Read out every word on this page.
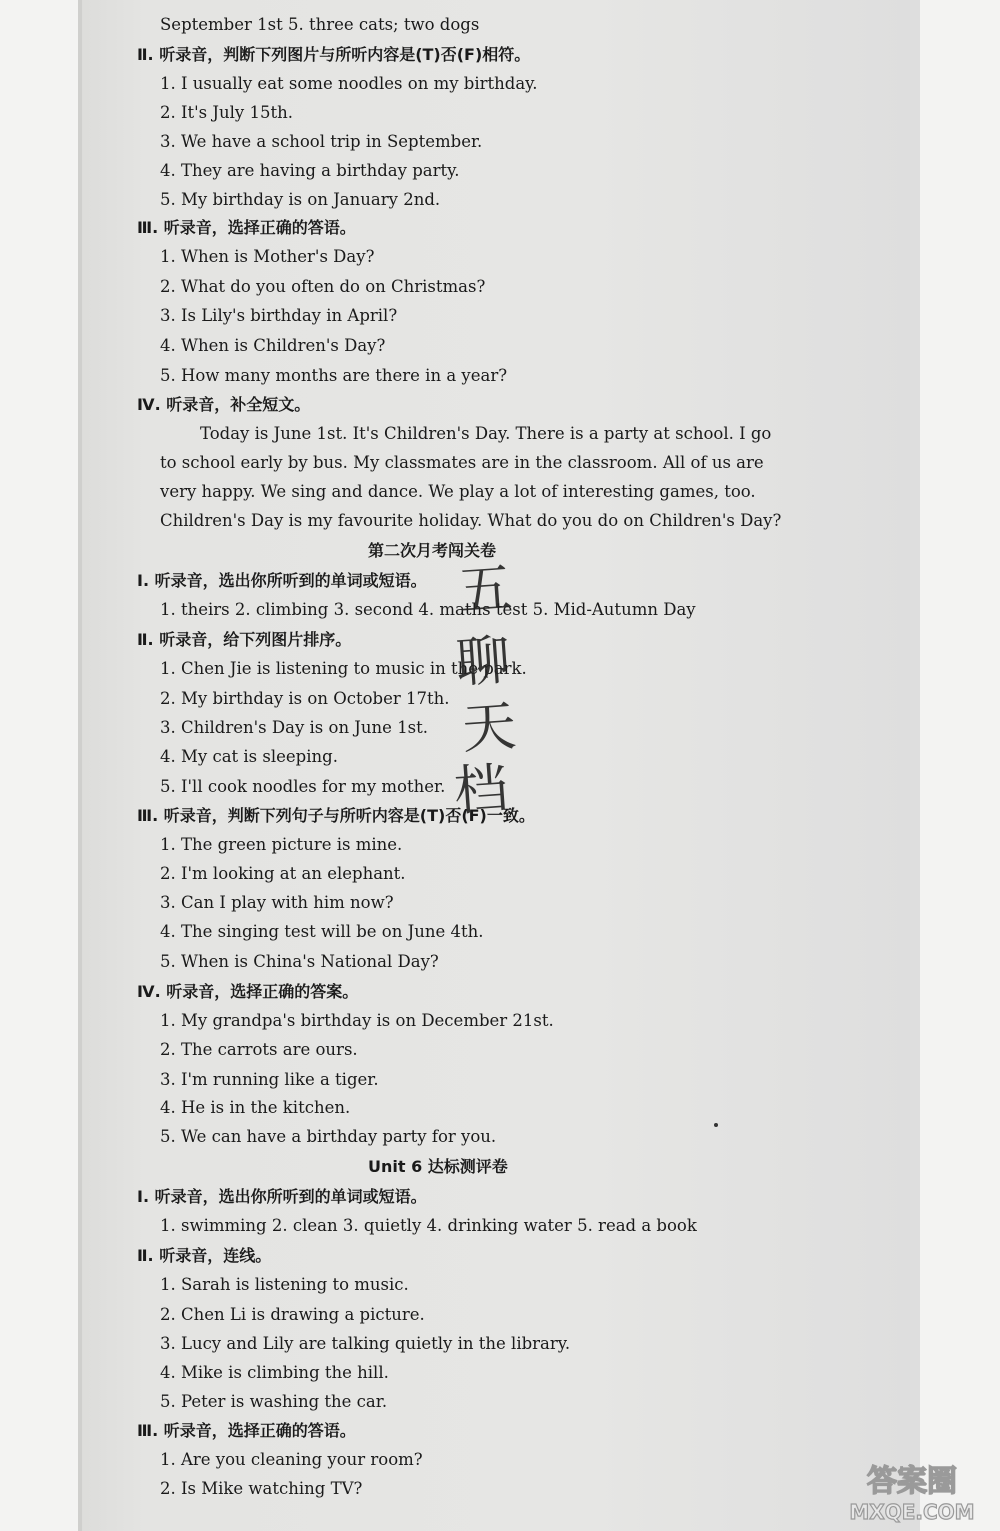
September 1st 5. three cats; two dogs
Ⅱ. 听录音，判断下列图片与所听内容是(T)否(F)相符。
1. I usually eat some noodles on my birthday.
2. It's July 15th.
3. We have a school trip in September.
4. They are having a birthday party.
5. My birthday is on January 2nd.
Ⅲ. 听录音，选择正确的答语。
1. When is Mother's Day?
2. What do you often do on Christmas?
3. Is Lily's birthday in April?
4. When is Children's Day?
5. How many months are there in a year?
Ⅳ. 听录音，补全短文。
Today is June 1st. It's Children's Day. There is a party at school. I go
to school early by bus. My classmates are in the classroom. All of us are
very happy. We sing and dance. We play a lot of interesting games, too.
Children's Day is my favourite holiday. What do you do on Children's Day?
第二次月考闯关卷
Ⅰ. 听录音，选出你所听到的单词或短语。
1. theirs 2. climbing 3. second 4. maths test 5. Mid-Autumn Day
Ⅱ. 听录音，给下列图片排序。
1. Chen Jie is listening to music in the park.
2. My birthday is on October 17th.
3. Children's Day is on June 1st.
4. My cat is sleeping.
5. I'll cook noodles for my mother.
Ⅲ. 听录音，判断下列句子与所听内容是(T)否(F)一致。
1. The green picture is mine.
2. I'm looking at an elephant.
3. Can I play with him now?
4. The singing test will be on June 4th.
5. When is China's National Day?
Ⅳ. 听录音，选择正确的答案。
1. My grandpa's birthday is on December 21st.
2. The carrots are ours.
3. I'm running like a tiger.
4. He is in the kitchen.
5. We can have a birthday party for you.
Unit 6 达标测评卷
Ⅰ. 听录音，选出你所听到的单词或短语。
1. swimming 2. clean 3. quietly 4. drinking water 5. read a book
Ⅱ. 听录音，连线。
1. Sarah is listening to music.
2. Chen Li is drawing a picture.
3. Lucy and Lily are talking quietly in the library.
4. Mike is climbing the hill.
5. Peter is washing the car.
Ⅲ. 听录音，选择正确的答语。
1. Are you cleaning your room?
2. Is Mike watching TV?
五
聊
天
档
答案圈
MXQE.COM
